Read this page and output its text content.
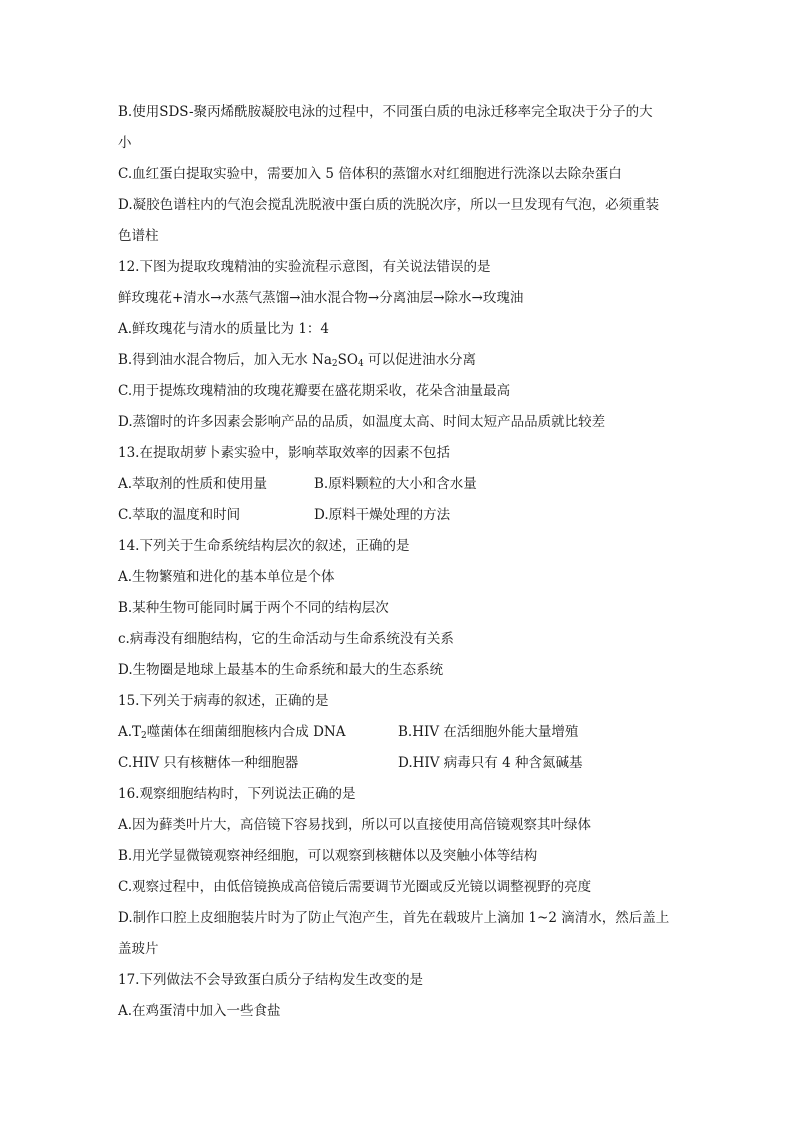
B.使用SDS-聚丙烯酰胺凝胶电泳的过程中，不同蛋白质的电泳迁移率完全取决于分子的大
小
C.血红蛋白提取实验中，需要加入 5 倍体积的蒸馏水对红细胞进行洗涤以去除杂蛋白
D.凝胶色谱柱内的气泡会搅乱洗脱液中蛋白质的洗脱次序，所以一旦发现有气泡，必须重装
色谱柱
12.下图为提取玫瑰精油的实验流程示意图，有关说法错误的是
鲜玫瑰花+清水→水蒸气蒸馏→油水混合物→分离油层→除水→玫瑰油
A.鲜玫瑰花与清水的质量比为 1：4
B.得到油水混合物后，加入无水 $Na_2SO_4$ 可以促进油水分离
C.用于提炼玫瑰精油的玫瑰花瓣要在盛花期采收，花朵含油量最高
D.蒸馏时的许多因素会影响产品的品质，如温度太高、时间太短产品品质就比较差
13.在提取胡萝卜素实验中，影响萃取效率的因素不包括
A.萃取剂的性质和使用量	B.原料颗粒的大小和含水量
C.萃取的温度和时间	D.原料干燥处理的方法
14.下列关于生命系统结构层次的叙述，正确的是
A.生物繁殖和进化的基本单位是个体
B.某种生物可能同时属于两个不同的结构层次
c.病毒没有细胞结构，它的生命活动与生命系统没有关系
D.生物圈是地球上最基本的生命系统和最大的生态系统
15.下列关于病毒的叙述，正确的是
$A.T_2$噬菌体在细菌细胞核内合成 DNA	B.HIV 在活细胞外能大量增殖
C.HIV 只有核糖体一种细胞器	D.HIV 病毒只有 4 种含氮碱基
16.观察细胞结构时，下列说法正确的是
A.因为藓类叶片大，高倍镜下容易找到，所以可以直接使用高倍镜观察其叶绿体
B.用光学显微镜观察神经细胞，可以观察到核糖体以及突触小体等结构
C.观察过程中，由低倍镜换成高倍镜后需要调节光圈或反光镜以调整视野的亮度
D.制作口腔上皮细胞装片时为了防止气泡产生，首先在载玻片上滴加 1~2 滴清水，然后盖上
盖玻片
17.下列做法不会导致蛋白质分子结构发生改变的是
A.在鸡蛋清中加入一些食盐
